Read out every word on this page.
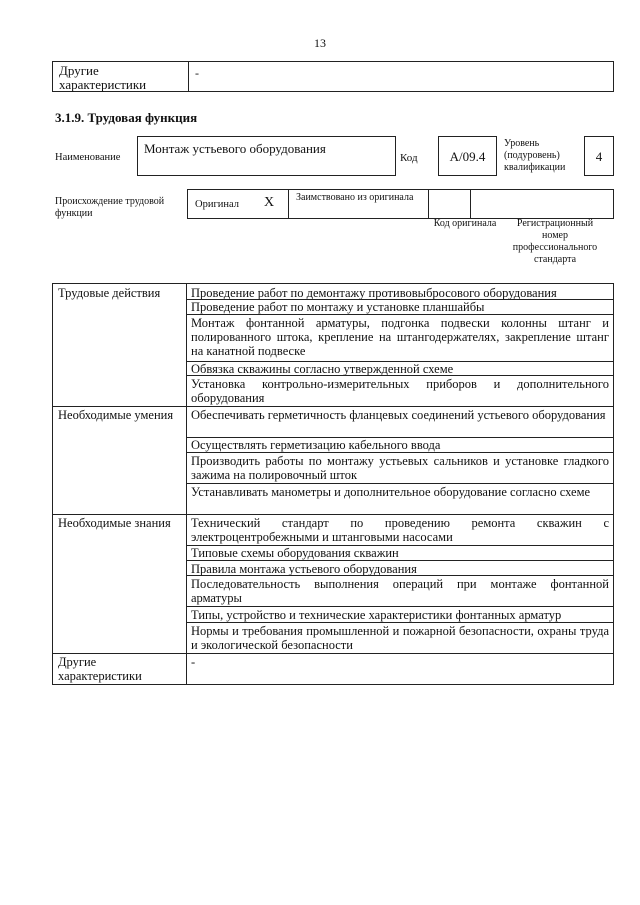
13
Другие характеристики
-
3.1.9. Трудовая функция
Наименование
Монтаж устьевого оборудования
Код	A/09.4
Уровень (подуровень) квалификации
4
Происхождение трудовой функции
Оригинал X Заимствовано из оригинала
Код оригинала	Регистрационный номер профессионального стандарта
Трудовые действия Проведение работ по демонтажу противовыбросового оборудования
Проведение работ по монтажу и установке планшайбы
Монтаж фонтанной арматуры, подгонка подвески колонны штанг и полированного штока, крепление на штангодержателях, закрепление штанг на канатной подвеске
Обвязка скважины согласно утвержденной схеме
Установка контрольно-измерительных приборов и дополнительного оборудования
Необходимые умения Обеспечивать герметичность фланцевых соединений устьевого оборудования
Осуществлять герметизацию кабельного ввода
Производить работы по монтажу устьевых сальников и установке гладкого зажима на полировочный шток
Устанавливать манометры и дополнительное оборудование согласно схеме
Необходимые знания Технический стандарт по проведению ремонта скважин с электроцентробежными и штанговыми насосами
Типовые схемы оборудования скважин
Правила монтажа устьевого оборудования
Последовательность выполнения операций при монтаже фонтанной арматуры
Типы, устройство и технические характеристики фонтанных арматур
Нормы и требования промышленной и пожарной безопасности, охраны труда и экологической безопасности
Другие характеристики
-
